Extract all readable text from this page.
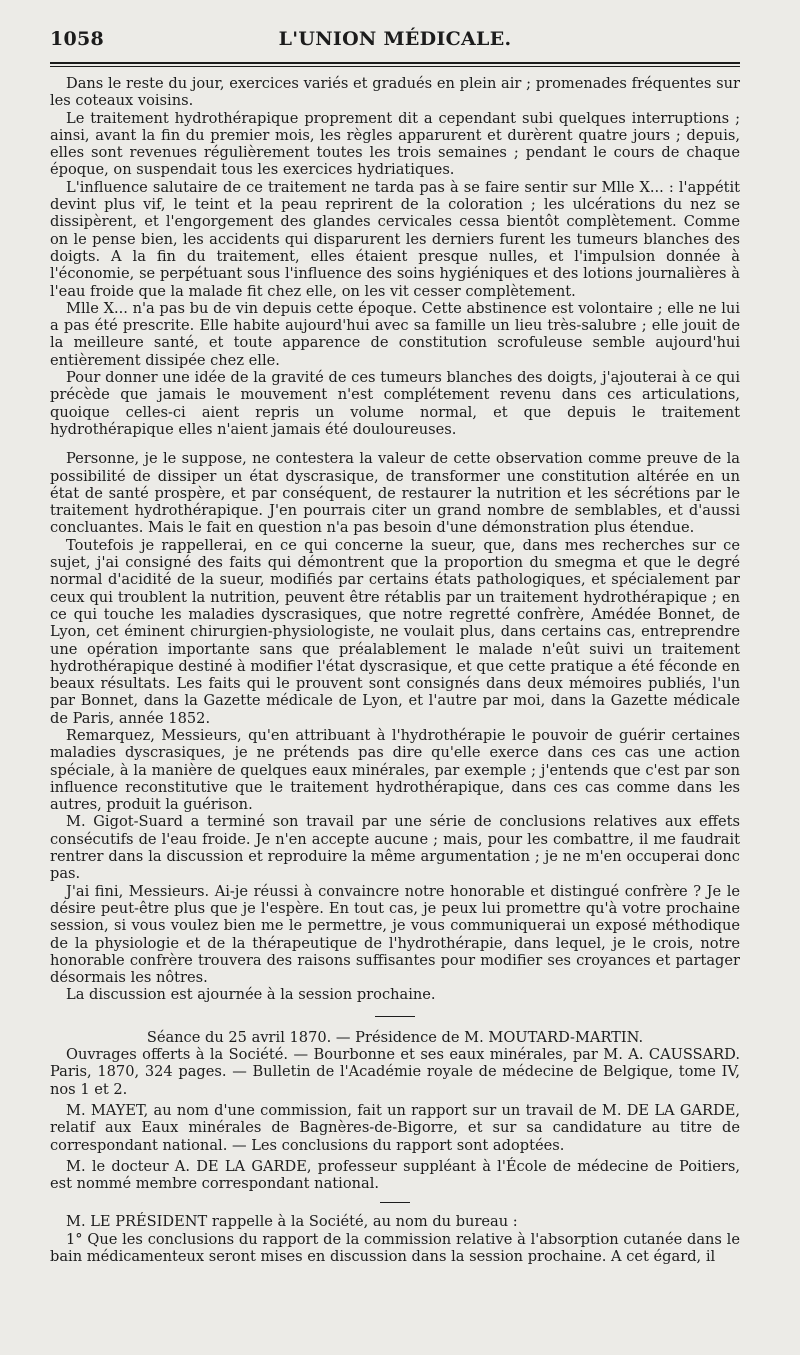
1058	L'UNION MÉDICALE.

Dans le reste du jour, exercices variés et gradués en plein air ; promenades fréquentes sur les coteaux voisins.

Le traitement hydrothérapique proprement dit a cependant subi quelques interruptions ; ainsi, avant la fin du premier mois, les règles apparurent et durèrent quatre jours ; depuis, elles sont revenues régulièrement toutes les trois semaines ; pendant le cours de chaque époque, on suspendait tous les exercices hydriatiques.

L'influence salutaire de ce traitement ne tarda pas à se faire sentir sur Mlle X... : l'appétit devint plus vif, le teint et la peau reprirent de la coloration ; les ulcérations du nez se dissipèrent, et l'engorgement des glandes cervicales cessa bientôt complètement. Comme on le pense bien, les accidents qui disparurent les derniers furent les tumeurs blanches des doigts. A la fin du traitement, elles étaient presque nulles, et l'impulsion donnée à l'économie, se perpétuant sous l'influence des soins hygiéniques et des lotions journalières à l'eau froide que la malade fit chez elle, on les vit cesser complètement.

Mlle X... n'a pas bu de vin depuis cette époque. Cette abstinence est volontaire ; elle ne lui a pas été prescrite. Elle habite aujourd'hui avec sa famille un lieu très-salubre ; elle jouit de la meilleure santé, et toute apparence de constitution scrofuleuse semble aujourd'hui entièrement dissipée chez elle.

Pour donner une idée de la gravité de ces tumeurs blanches des doigts, j'ajouterai à ce qui précède que jamais le mouvement n'est complétement revenu dans ces articulations, quoique celles-ci aient repris un volume normal, et que depuis le traitement hydrothérapique elles n'aient jamais été douloureuses.

Personne, je le suppose, ne contestera la valeur de cette observation comme preuve de la possibilité de dissiper un état dyscrasique, de transformer une constitution altérée en un état de santé prospère, et par conséquent, de restaurer la nutrition et les sécrétions par le traitement hydrothérapique. J'en pourrais citer un grand nombre de semblables, et d'aussi concluantes. Mais le fait en question n'a pas besoin d'une démonstration plus étendue.

Toutefois je rappellerai, en ce qui concerne la sueur, que, dans mes recherches sur ce sujet, j'ai consigné des faits qui démontrent que la proportion du smegma et que le degré normal d'acidité de la sueur, modifiés par certains états pathologiques, et spécialement par ceux qui troublent la nutrition, peuvent être rétablis par un traitement hydrothérapique ; en ce qui touche les maladies dyscrasiques, que notre regretté confrère, Amédée Bonnet, de Lyon, cet éminent chirurgien-physiologiste, ne voulait plus, dans certains cas, entreprendre une opération importante sans que préalablement le malade n'eût suivi un traitement hydrothérapique destiné à modifier l'état dyscrasique, et que cette pratique a été féconde en beaux résultats. Les faits qui le prouvent sont consignés dans deux mémoires publiés, l'un par Bonnet, dans la Gazette médicale de Lyon, et l'autre par moi, dans la Gazette médicale de Paris, année 1852.

Remarquez, Messieurs, qu'en attribuant à l'hydrothérapie le pouvoir de guérir certaines maladies dyscrasiques, je ne prétends pas dire qu'elle exerce dans ces cas une action spéciale, à la manière de quelques eaux minérales, par exemple ; j'entends que c'est par son influence reconstitutive que le traitement hydrothérapique, dans ces cas comme dans les autres, produit la guérison.

M. Gigot-Suard a terminé son travail par une série de conclusions relatives aux effets consécutifs de l'eau froide. Je n'en accepte aucune ; mais, pour les combattre, il me faudrait rentrer dans la discussion et reproduire la même argumentation ; je ne m'en occuperai donc pas.

J'ai fini, Messieurs. Ai-je réussi à convaincre notre honorable et distingué confrère ? Je le désire peut-être plus que je l'espère. En tout cas, je peux lui promettre qu'à votre prochaine session, si vous voulez bien me le permettre, je vous communiquerai un exposé méthodique de la physiologie et de la thérapeutique de l'hydrothérapie, dans lequel, je le crois, notre honorable confrère trouvera des raisons suffisantes pour modifier ses croyances et partager désormais les nôtres.

La discussion est ajournée à la session prochaine.

Séance du 25 avril 1870. — Présidence de M. MOUTARD-MARTIN.

Ouvrages offerts à la Société. — Bourbonne et ses eaux minérales, par M. A. CAUSSARD. Paris, 1870, 324 pages. — Bulletin de l'Académie royale de médecine de Belgique, tome IV, nos 1 et 2.

M. MAYET, au nom d'une commission, fait un rapport sur un travail de M. DE LA GARDE, relatif aux Eaux minérales de Bagnères-de-Bigorre, et sur sa candidature au titre de correspondant national. — Les conclusions du rapport sont adoptées.

M. le docteur A. DE LA GARDE, professeur suppléant à l'École de médecine de Poitiers, est nommé membre correspondant national.

M. LE PRÉSIDENT rappelle à la Société, au nom du bureau :

1° Que les conclusions du rapport de la commission relative à l'absorption cutanée dans le bain médicamenteux seront mises en discussion dans la session prochaine. A cet égard, il
